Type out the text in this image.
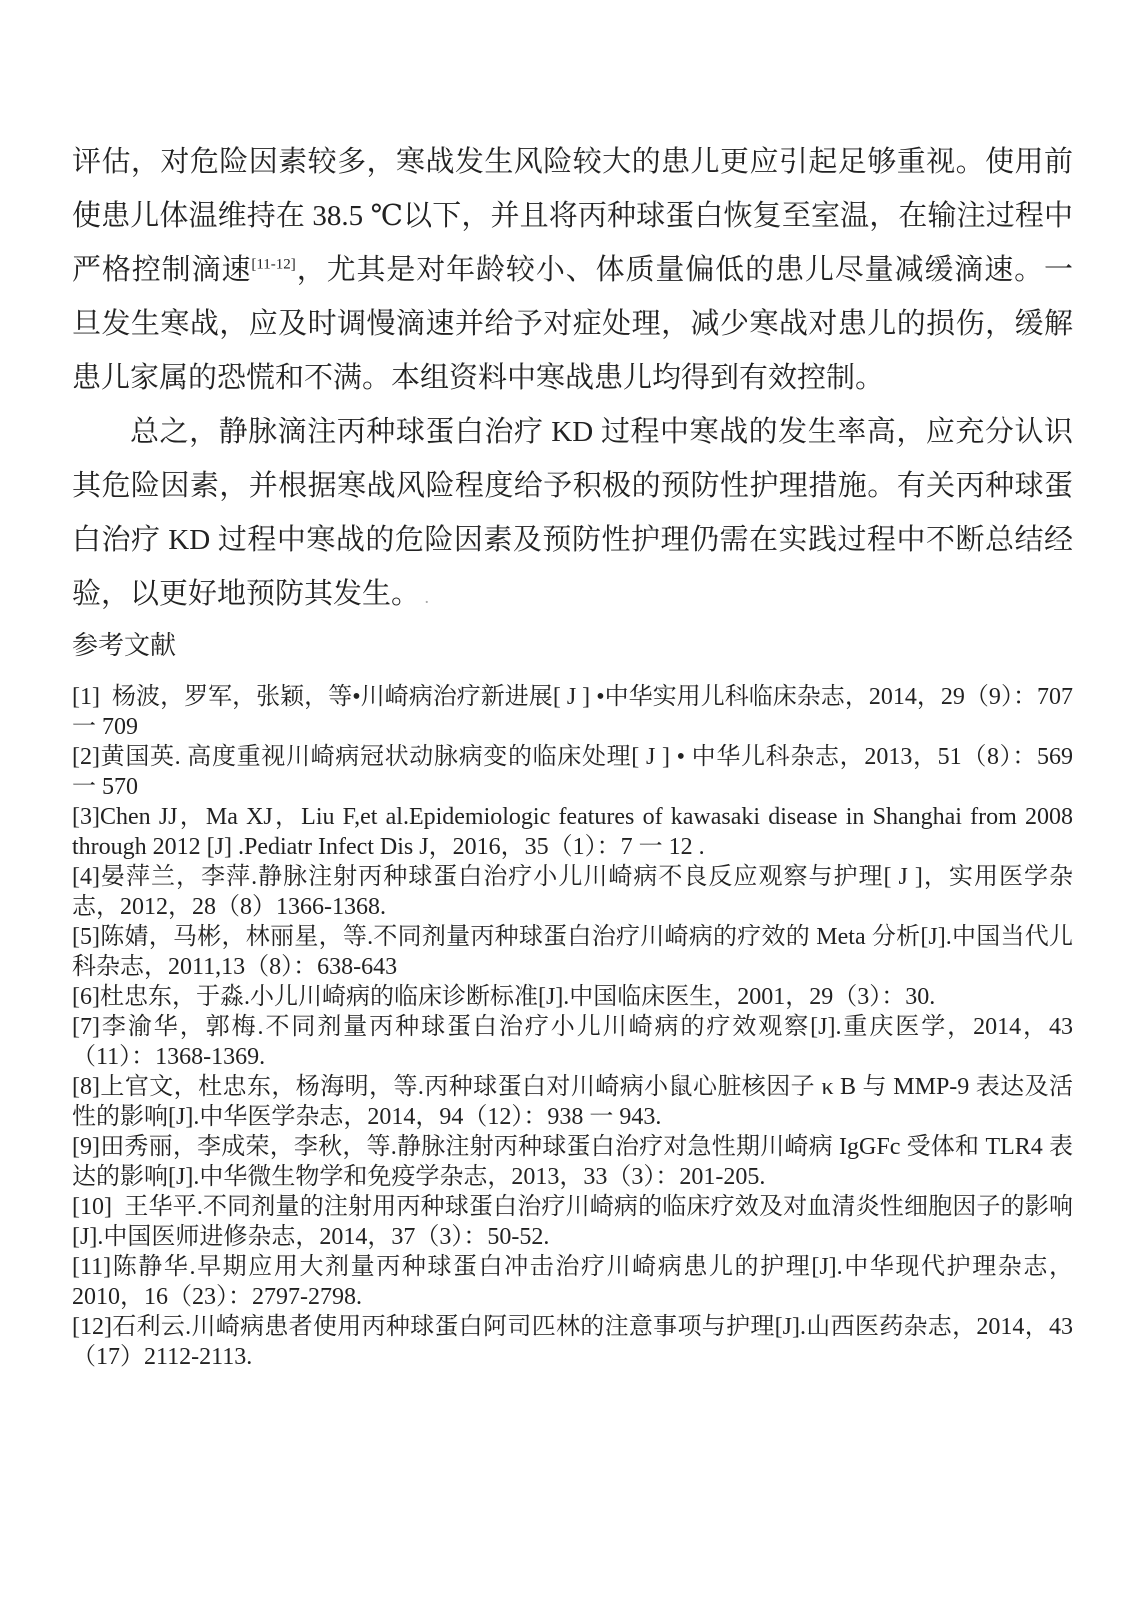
评估，对危险因素较多，寒战发生风险较大的患儿更应引起足够重视。使用前使患儿体温维持在 38.5 ℃以下，并且将丙种球蛋白恢复至室温，在输注过程中严格控制滴速[11-12]，尤其是对年龄较小、体质量偏低的患儿尽量减缓滴速。一旦发生寒战，应及时调慢滴速并给予对症处理，减少寒战对患儿的损伤，缓解患儿家属的恐慌和不满。本组资料中寒战患儿均得到有效控制。

总之，静脉滴注丙种球蛋白治疗 KD 过程中寒战的发生率高，应充分认识其危险因素，并根据寒战风险程度给予积极的预防性护理措施。有关丙种球蛋白治疗 KD 过程中寒战的危险因素及预防性护理仍需在实践过程中不断总结经验，以更好地预防其发生。 .

参考文献
[1]  杨波，罗军，张颖，等•川崎病治疗新进展[ J ] •中华实用儿科临床杂志，2014，29（9）：707 一 709
[2]黄国英. 高度重视川崎病冠状动脉病变的临床处理[ J ] • 中华儿科杂志，2013，51（8）：569 一 570
[3]Chen JJ，Ma XJ，Liu F,et al.Epidemiologic features of kawasaki disease in Shanghai from 2008 through 2012 [J] .Pediatr Infect Dis J，2016，35（1）：7 一 12 .
[4]晏萍兰，李萍.静脉注射丙种球蛋白治疗小儿川崎病不良反应观察与护理[ J ]，实用医学杂志，2012，28（8）1366-1368.
[5]陈婧，马彬，林丽星，等.不同剂量丙种球蛋白治疗川崎病的疗效的 Meta 分析[J].中国当代儿科杂志，2011,13（8）：638-643
[6]杜忠东，于淼.小儿川崎病的临床诊断标准[J].中国临床医生，2001，29（3）：30.
[7]李渝华，郭梅.不同剂量丙种球蛋白治疗小儿川崎病的疗效观察[J].重庆医学，2014，43（11）：1368-1369.
[8]上官文，杜忠东，杨海明，等.丙种球蛋白对川崎病小鼠心脏核因子 κ B 与 MMP-9 表达及活性的影响[J].中华医学杂志，2014，94（12）：938 一 943.
[9]田秀丽，李成荣，李秋，等.静脉注射丙种球蛋白治疗对急性期川崎病 IgGFc 受体和 TLR4 表达的影响[J].中华微生物学和免疫学杂志，2013，33（3）：201-205.
[10]  王华平.不同剂量的注射用丙种球蛋白治疗川崎病的临床疗效及对血清炎性细胞因子的影响[J].中国医师进修杂志，2014，37（3）：50-52.
[11]陈静华.早期应用大剂量丙种球蛋白冲击治疗川崎病患儿的护理[J].中华现代护理杂志，2010，16（23）：2797-2798.
[12]石利云.川崎病患者使用丙种球蛋白阿司匹林的注意事项与护理[J].山西医药杂志，2014，43（17）2112-2113.
